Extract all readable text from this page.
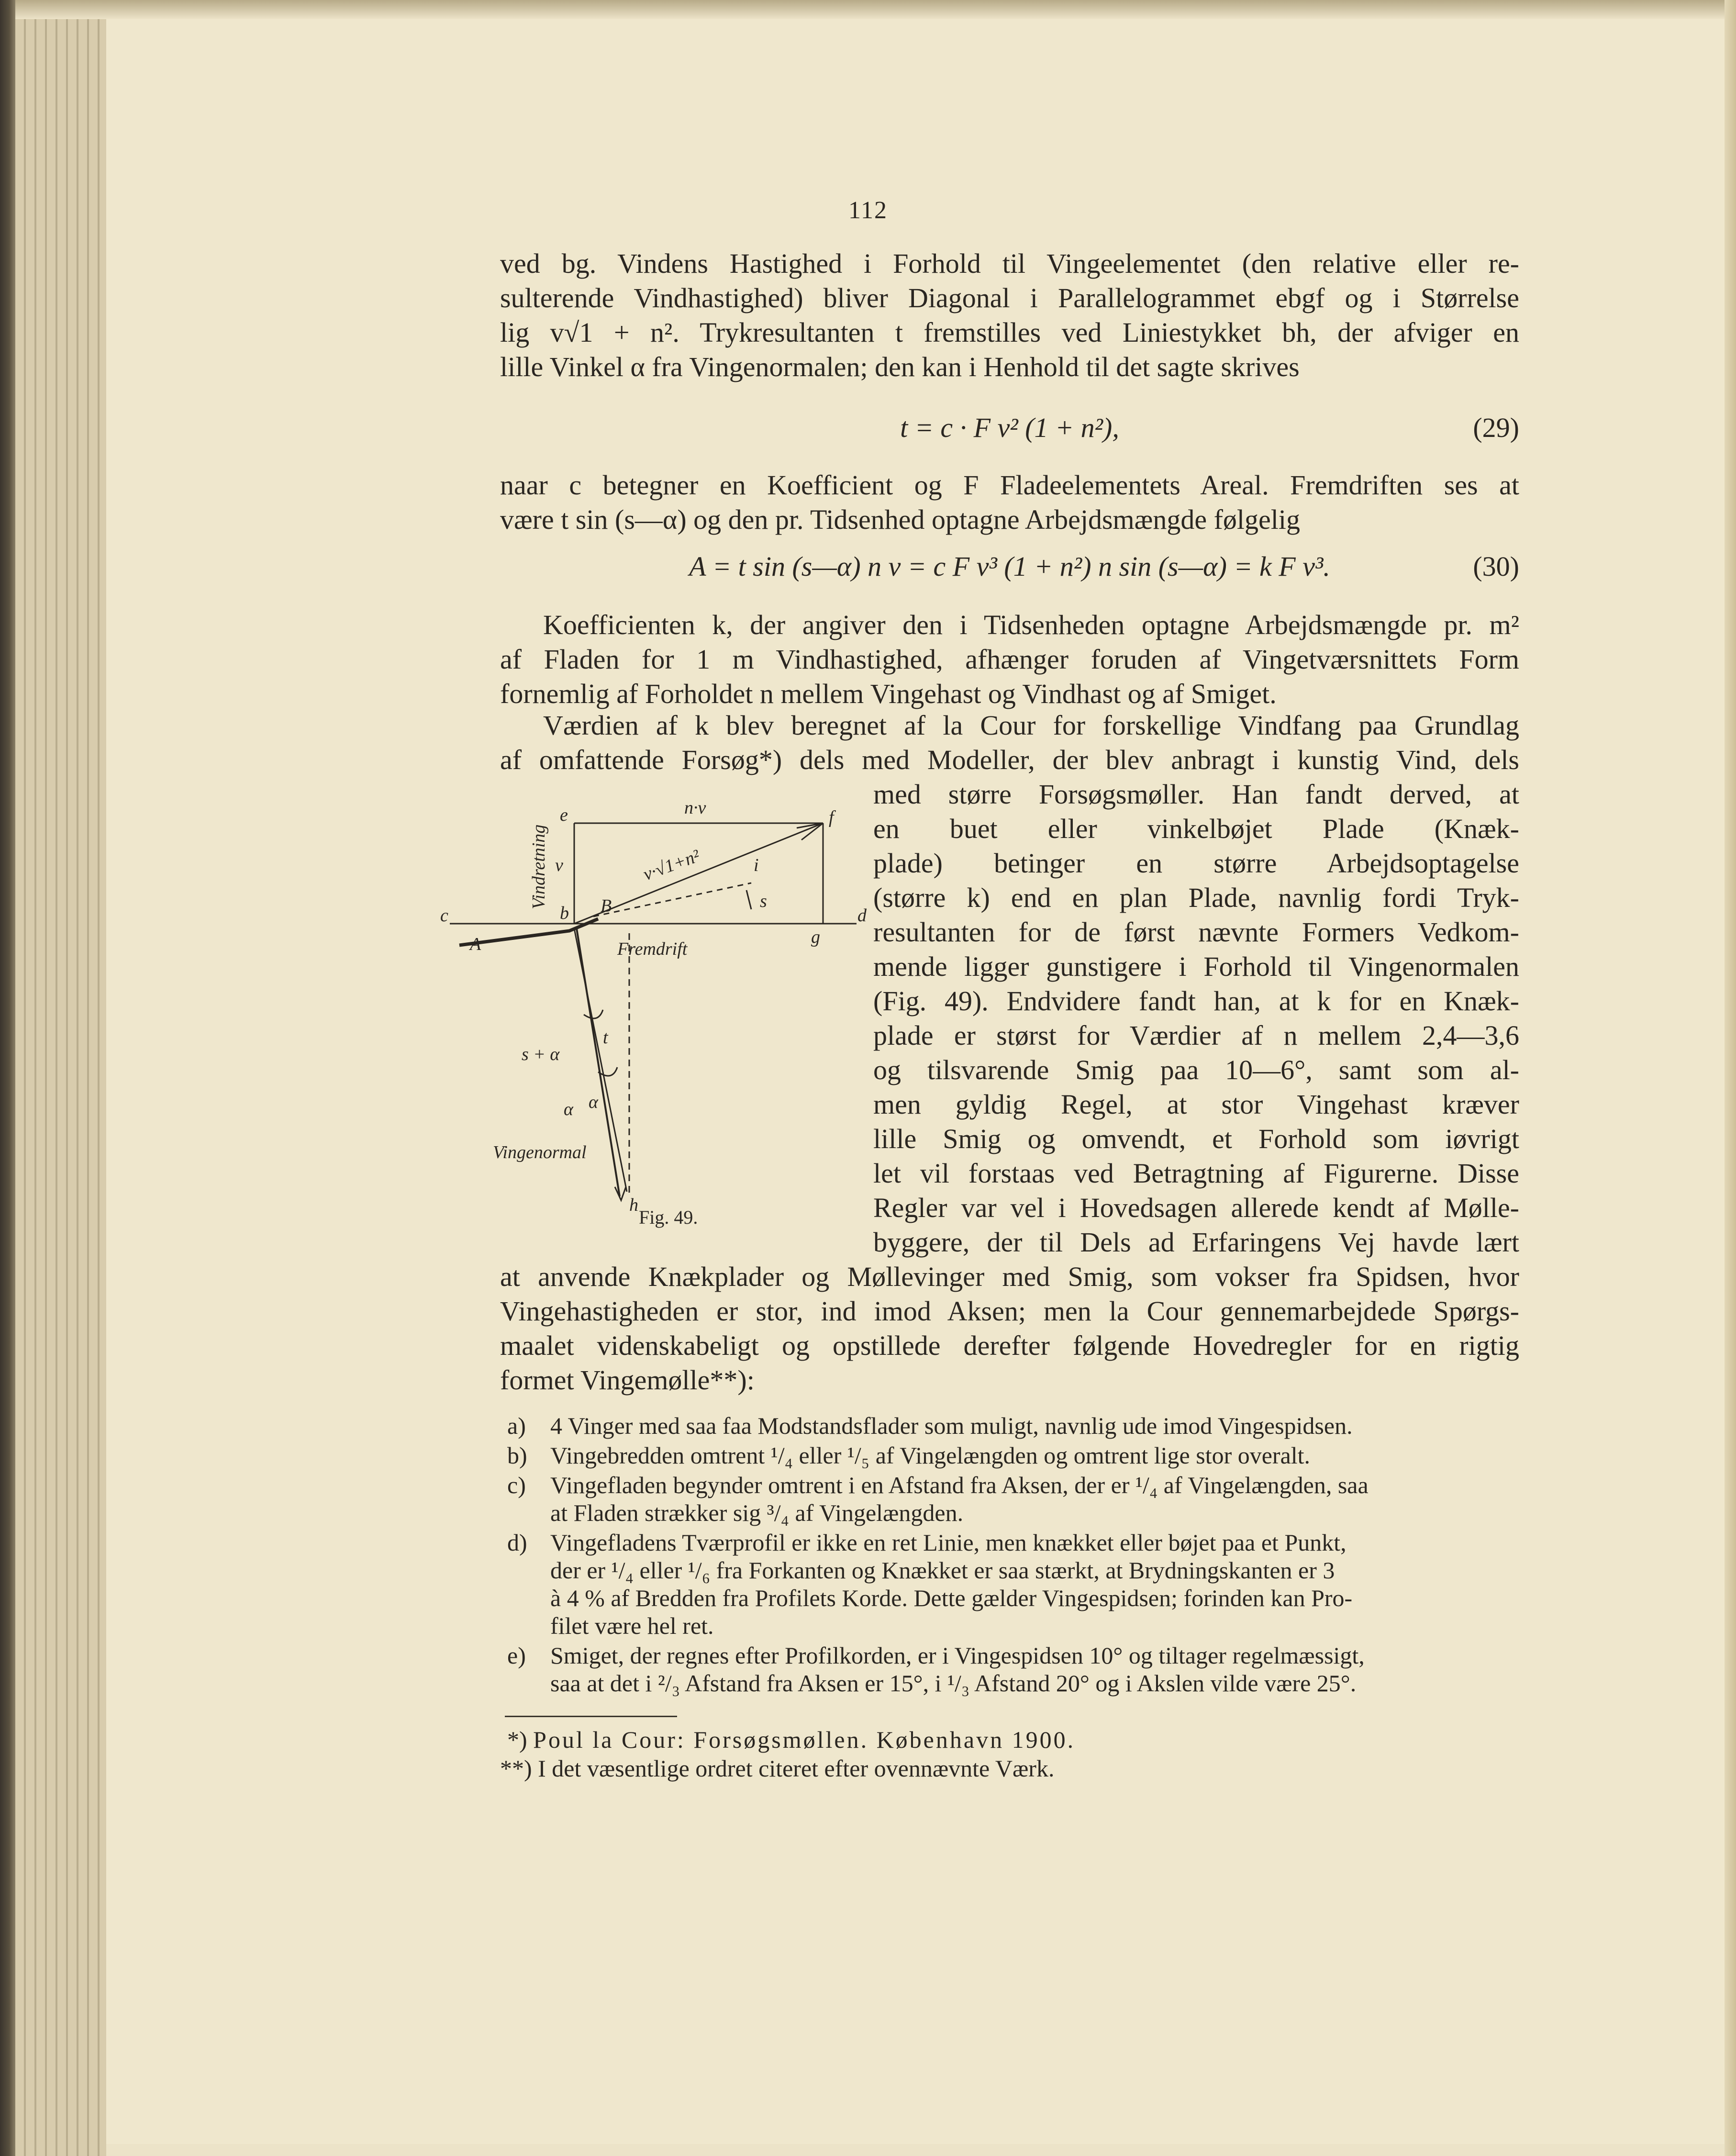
112

ved bg. Vindens Hastighed i Forhold til Vingeelementet (den relative eller re-

sulterende Vindhastighed) bliver Diagonal i Parallelogrammet ebgf og i Størrelse

lig v√1 + n². Trykresultanten t fremstilles ved Liniestykket bh, der afviger en

lille Vinkel α fra Vingenormalen; den kan i Henhold til det sagte skrives

t = c · F v² (1 + n²),	(29)

naar c betegner en Koefficient og F Fladeelementets Areal. Fremdriften ses at

være t sin (s—α) og den pr. Tidsenhed optagne Arbejdsmængde følgelig

A = t sin (s—α) n v = c F v³ (1 + n²) n sin (s—α) = k F v³.	(30)

Koefficienten k, der angiver den i Tidsenheden optagne Arbejdsmængde pr. m²

af Fladen for 1 m Vindhastighed, afhænger foruden af Vingetværsnittets Form

fornemlig af Forholdet n mellem Vingehast og Vindhast og af Smiget.

Værdien af k blev beregnet af la Cour for forskellige Vindfang paa Grundlag

af omfattende Forsøg*) dels med Modeller, der blev anbragt i kunstig Vind, dels

med større Forsøgsmøller. Han fandt derved, at

en buet eller vinkelbøjet Plade (Knæk-

plade) betinger en større Arbejdsoptagelse

(større k) end en plan Plade, navnlig fordi Tryk-

resultanten for de først nævnte Formers Vedkom-

mende ligger gunstigere i Forhold til Vingenormalen

(Fig. 49). Endvidere fandt han, at k for en Knæk-

plade er størst for Værdier af n mellem 2,4—3,6

og tilsvarende Smig paa 10—6°, samt som al-

men gyldig Regel, at stor Vingehast kræver

lille Smig og omvendt, et Forhold som iøvrigt

let vil forstaas ved Betragtning af Figurerne. Disse

Regler var vel i Hovedsagen allerede kendt af Mølle-

byggere, der til Dels ad Erfaringens Vej havde lært

n·v
e	f
v	v·√1+n²	i
s
c	d
B
b
A	g
Fremdrift
t
s + α
α α
Vingenormal
h
Vindretning
Fig. 49.

at anvende Knækplader og Møllevinger med Smig, som vokser fra Spidsen, hvor

Vingehastigheden er stor, ind imod Aksen; men la Cour gennemarbejdede Spørgs-

maalet videnskabeligt og opstillede derefter følgende Hovedregler for en rigtig

formet Vingemølle**):

a) 4 Vinger med saa faa Modstandsflader som muligt, navnlig ude imod Vingespidsen.
b) Vingebredden omtrent ¹/₄ eller ¹/₅ af Vingelængden og omtrent lige stor overalt.
c) Vingefladen begynder omtrent i en Afstand fra Aksen, der er ¹/₄ af Vingelængden, saa
at Fladen strækker sig ³/₄ af Vingelængden.
d) Vingefladens Tværprofil er ikke en ret Linie, men knækket eller bøjet paa et Punkt,
der er ¹/₄ eller ¹/₆ fra Forkanten og Knækket er saa stærkt, at Brydningskanten er 3
à 4 % af Bredden fra Profilets Korde. Dette gælder Vingespidsen; forinden kan Pro-
filet være hel ret.
e) Smiget, der regnes efter Profilkorden, er i Vingespidsen 10° og tiltager regelmæssigt,
saa at det i ²/₃ Afstand fra Aksen er 15°, i ¹/₃ Afstand 20° og i Akslen vilde være 25°.
*) Poul la Cour: Forsøgsmøllen. København 1900.
**) I det væsentlige ordret citeret efter ovennævnte Værk.
